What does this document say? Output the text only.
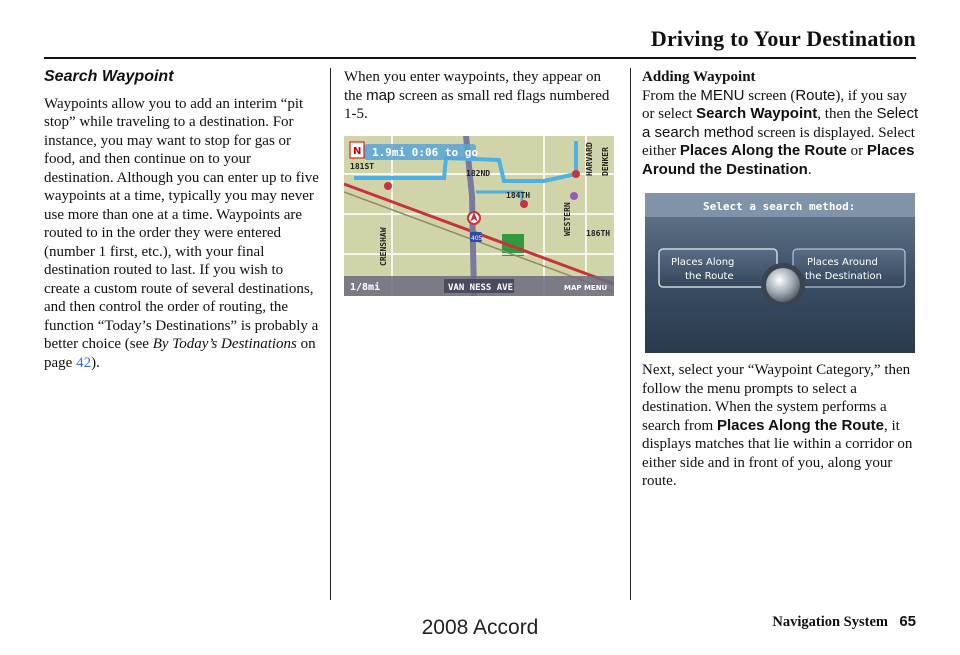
Driving to Your Destination
Search Waypoint

Waypoints allow you to add an interim “pit stop” while traveling to a destination. For instance, you may want to stop for gas or food, and then continue on to your destination. Although you can enter up to five waypoints at a time, typically you may never use more than one at a time. Waypoints are routed to in the order they were entered (number 1 first, etc.), with your final destination routed to last. If you wish to create a custom route of several destinations, and then control the order of routing, the function “Today’s Destinations” is probably a better choice (see By Today’s Destinations on page 42).

When you enter waypoints, they appear on the map screen as small red flags numbered 1-5.

1.9mi 0:06 to go
N
181ST
182ND
184TH
186TH
HARVARD DENKER
WESTERN
CRENSHAW	405
1/8mi	VAN NESS AVE	MAP MENU
Adding Waypoint

From the MENU screen (Route), if you say or select Search Waypoint, then the Select a search method screen is displayed. Select either Places Along the Route or Places Around the Destination.

Select a search method:
Places Along
the Route
Places Around
the Destination

Next, select your “Waypoint Category,” then follow the menu prompts to select a destination. When the system performs a search from Places Along the Route, it displays matches that lie within a corridor on either side and in front of you, along your route.

Navigation System 65
2008 Accord
